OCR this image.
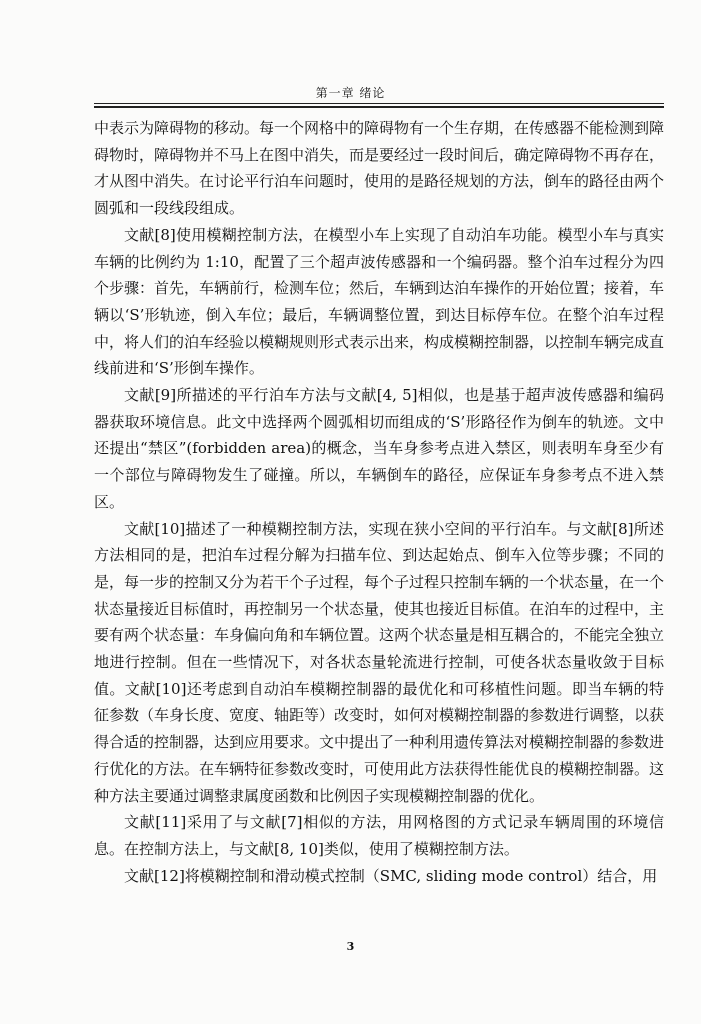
第一章 绪论

中表示为障碍物的移动。每一个网格中的障碍物有一个生存期，在传感器不能检测到障碍物时，障碍物并不马上在图中消失，而是要经过一段时间后，确定障碍物不再存在，才从图中消失。在讨论平行泊车问题时，使用的是路径规划的方法，倒车的路径由两个圆弧和一段线段组成。

文献[8]使用模糊控制方法，在模型小车上实现了自动泊车功能。模型小车与真实车辆的比例约为 1:10，配置了三个超声波传感器和一个编码器。整个泊车过程分为四个步骤：首先，车辆前行，检测车位；然后，车辆到达泊车操作的开始位置；接着，车辆以‘S’形轨迹，倒入车位；最后，车辆调整位置，到达目标停车位。在整个泊车过程中，将人们的泊车经验以模糊规则形式表示出来，构成模糊控制器，以控制车辆完成直线前进和‘S’形倒车操作。

文献[9]所描述的平行泊车方法与文献[4, 5]相似，也是基于超声波传感器和编码器获取环境信息。此文中选择两个圆弧相切而组成的‘S’形路径作为倒车的轨迹。文中还提出“禁区”(forbidden area)的概念，当车身参考点进入禁区，则表明车身至少有一个部位与障碍物发生了碰撞。所以，车辆倒车的路径，应保证车身参考点不进入禁区。

文献[10]描述了一种模糊控制方法，实现在狭小空间的平行泊车。与文献[8]所述方法相同的是，把泊车过程分解为扫描车位、到达起始点、倒车入位等步骤；不同的是，每一步的控制又分为若干个子过程，每个子过程只控制车辆的一个状态量，在一个状态量接近目标值时，再控制另一个状态量，使其也接近目标值。在泊车的过程中，主要有两个状态量：车身偏向角和车辆位置。这两个状态量是相互耦合的，不能完全独立地进行控制。但在一些情况下，对各状态量轮流进行控制，可使各状态量收敛于目标值。文献[10]还考虑到自动泊车模糊控制器的最优化和可移植性问题。即当车辆的特征参数（车身长度、宽度、轴距等）改变时，如何对模糊控制器的参数进行调整，以获得合适的控制器，达到应用要求。文中提出了一种利用遗传算法对模糊控制器的参数进行优化的方法。在车辆特征参数改变时，可使用此方法获得性能优良的模糊控制器。这种方法主要通过调整隶属度函数和比例因子实现模糊控制器的优化。

文献[11]采用了与文献[7]相似的方法，用网格图的方式记录车辆周围的环境信息。在控制方法上，与文献[8, 10]类似，使用了模糊控制方法。

文献[12]将模糊控制和滑动模式控制（SMC, sliding mode control）结合，用

3
